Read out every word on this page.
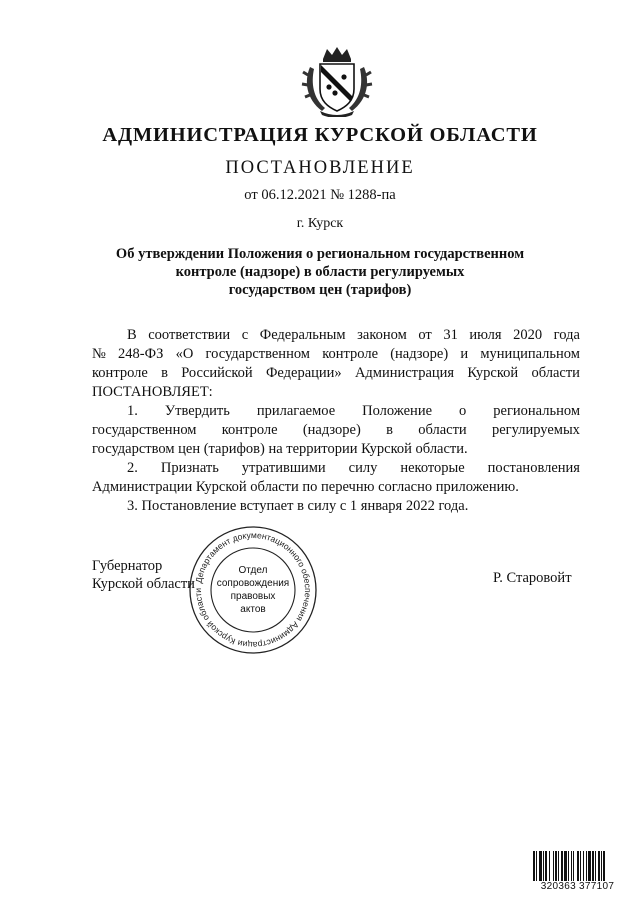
АДМИНИСТРАЦИЯ КУРСКОЙ ОБЛАСТИ
ПОСТАНОВЛЕНИЕ
от 06.12.2021 № 1288-па
г. Курск
Об утверждении Положения о региональном государственном
контроле (надзоре) в области регулируемых
государством цен (тарифов)
В соответствии с Федеральным законом от 31 июля 2020 года
№ 248-ФЗ «О государственном контроле (надзоре) и муниципальном
контроле в Российской Федерации» Администрация Курской области
ПОСТАНОВЛЯЕТ:
1. Утвердить прилагаемое Положение о региональном
государственном контроле (надзоре) в области регулируемых
государством цен (тарифов) на территории Курской области.
2. Признать утратившими силу некоторые постановления
Администрации Курской области по перечню согласно приложению.
3. Постановление вступает в силу с 1 января 2022 года.
Губернатор
Курской области	Р. Старовойт
Департамент документационного обеспечения Администрации Курской области
Отдел
сопровождения
правовых
актов
320363 377107
